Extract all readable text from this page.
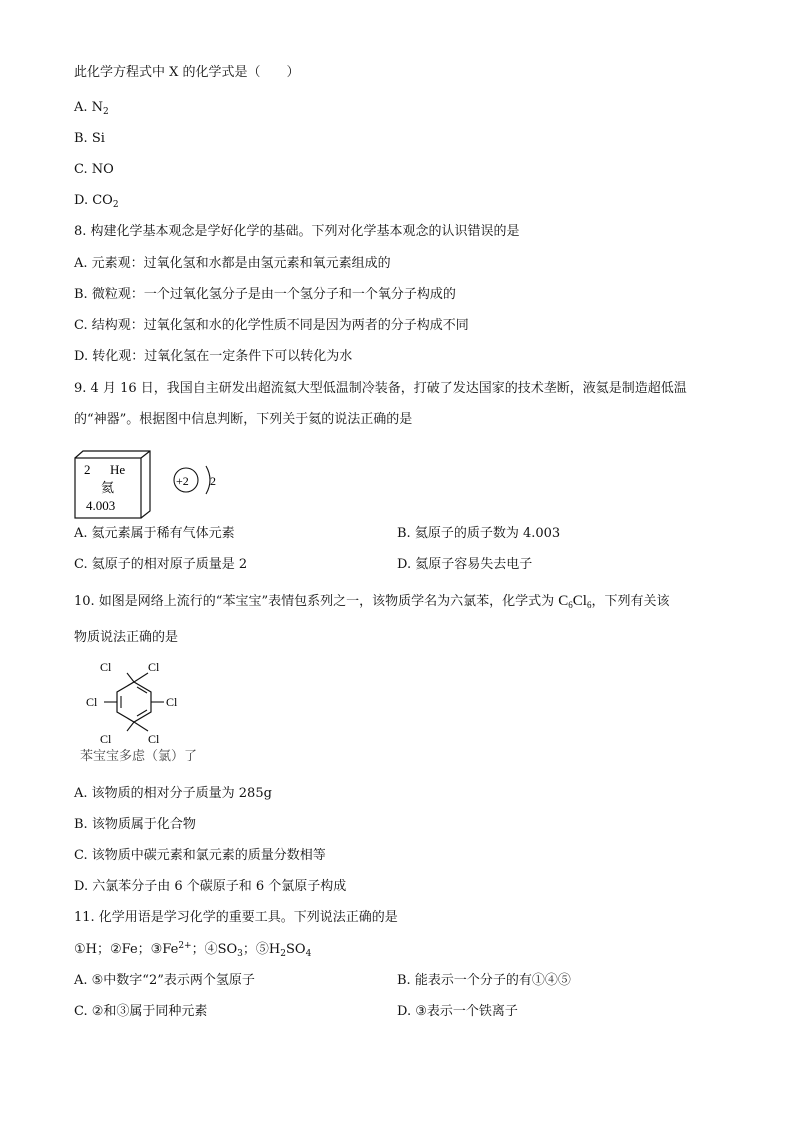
此化学方程式中 X 的化学式是（　　）
A. $N_2$
B. Si
C. NO
D. $CO_2$
8. 构建化学基本观念是学好化学的基础。下列对化学基本观念的认识错误的是
A. 元素观：过氧化氢和水都是由氢元素和氧元素组成的
B. 微粒观：一个过氧化氢分子是由一个氢分子和一个氧分子构成的
C. 结构观：过氧化氢和水的化学性质不同是因为两者的分子构成不同
D. 转化观：过氧化氢在一定条件下可以转化为水
9. 4 月 16 日，我国自主研发出超流氦大型低温制冷装备，打破了发达国家的技术垄断，液氦是制造超低温
的“神器”。根据图中信息判断，下列关于氦的说法正确的是
2 He
氦
4.003
+2 2
A. 氦元素属于稀有气体元素	B. 氦原子的质子数为 4.003
C. 氦原子的相对原子质量是 2	D. 氦原子容易失去电子
10. 如图是网络上流行的“苯宝宝”表情包系列之一，该物质学名为六氯苯，化学式为 $C_6Cl_6$，下列有关该
物质说法正确的是
Cl	Cl
Cl	Cl
Cl	Cl
苯宝宝多虑（氯）了
A. 该物质的相对分子质量为 285g
B. 该物质属于化合物
C. 该物质中碳元素和氯元素的质量分数相等
D. 六氯苯分子由 6 个碳原子和 6 个氯原子构成
11. 化学用语是学习化学的重要工具。下列说法正确的是
①H；②Fe；$③Fe^{2+}$；$④SO_3$；$⑤H_2SO_4$
A. ⑤中数字“2”表示两个氢原子	B. 能表示一个分子的有①④⑤
C. ②和③属于同种元素	D. ③表示一个铁离子
